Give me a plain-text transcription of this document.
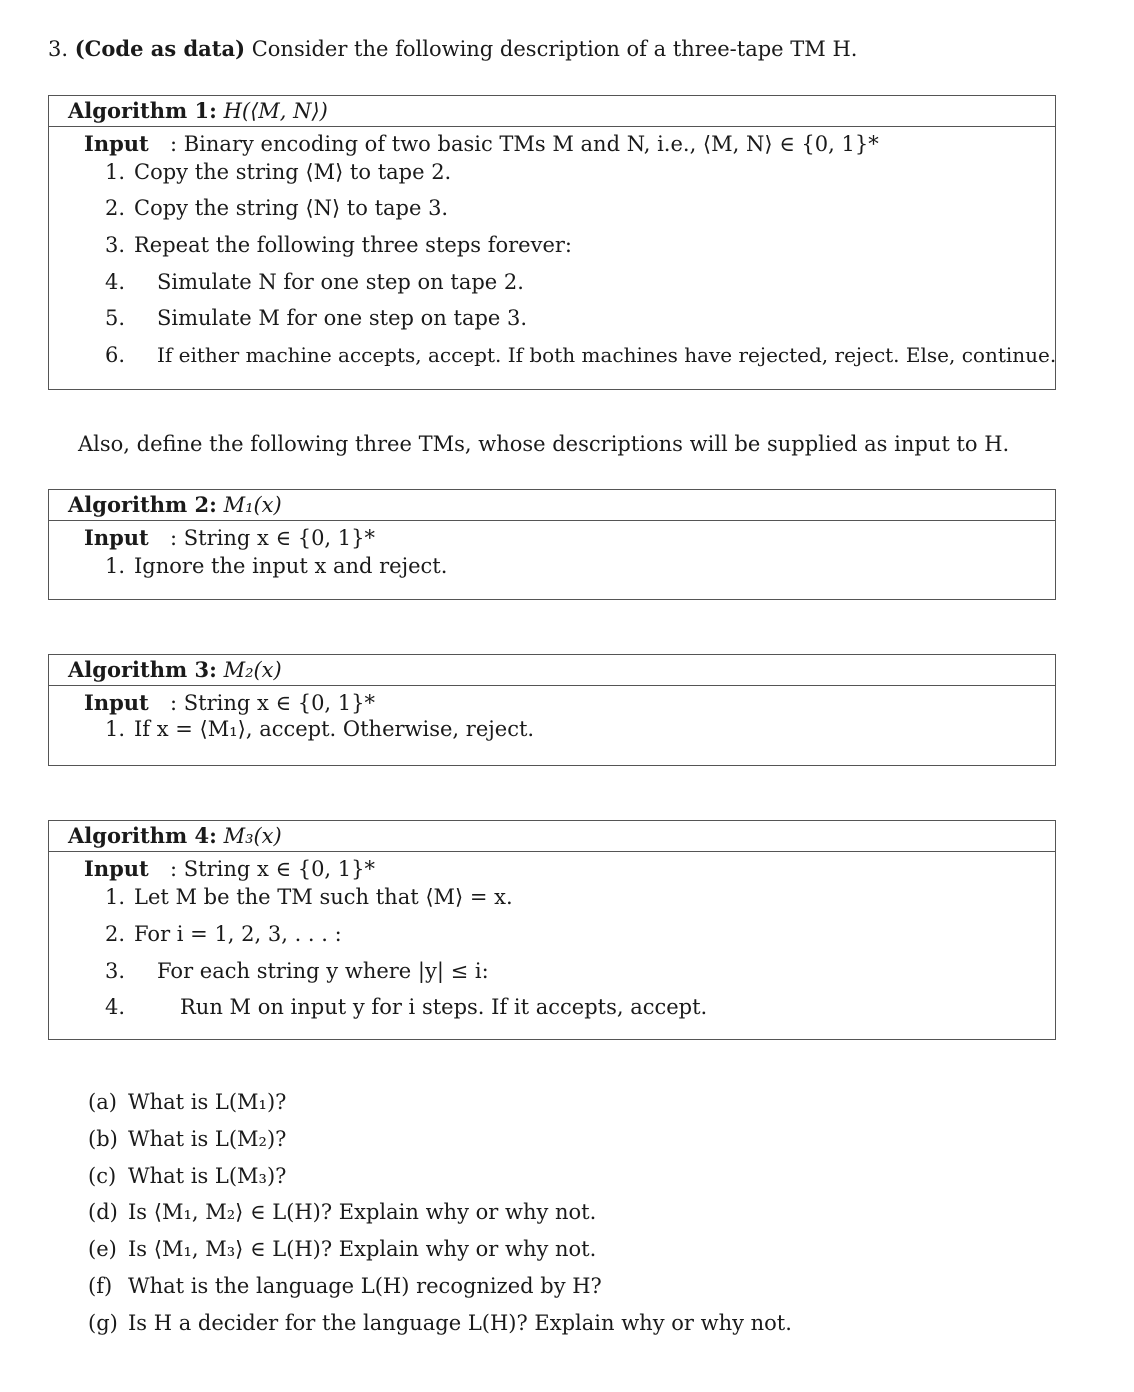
3. (Code as data) Consider the following description of a three-tape TM H.
Algorithm 1: H(⟨M, N⟩)
Input : Binary encoding of two basic TMs M and N, i.e., ⟨M, N⟩ ∈ {0, 1}*
1. Copy the string ⟨M⟩ to tape 2.
2. Copy the string ⟨N⟩ to tape 3.
3. Repeat the following three steps forever:
4. Simulate N for one step on tape 2.
5. Simulate M for one step on tape 3.
6. If either machine accepts, accept. If both machines have rejected, reject. Else, continue.
Also, define the following three TMs, whose descriptions will be supplied as input to H.
Algorithm 2: M₁(x)
Input : String x ∈ {0, 1}*
1. Ignore the input x and reject.
Algorithm 3: M₂(x)
Input : String x ∈ {0, 1}*
1. If x = ⟨M₁⟩, accept. Otherwise, reject.
Algorithm 4: M₃(x)
Input : String x ∈ {0, 1}*
1. Let M be the TM such that ⟨M⟩ = x.
2. For i = 1, 2, 3, . . . :
3. For each string y where |y| ≤ i:
4.	Run M on input y for i steps. If it accepts, accept.
(a) What is L(M₁)?
(b) What is L(M₂)?
(c) What is L(M₃)?
(d) Is ⟨M₁, M₂⟩ ∈ L(H)? Explain why or why not.
(e) Is ⟨M₁, M₃⟩ ∈ L(H)? Explain why or why not.
(f) What is the language L(H) recognized by H?
(g) Is H a decider for the language L(H)? Explain why or why not.
